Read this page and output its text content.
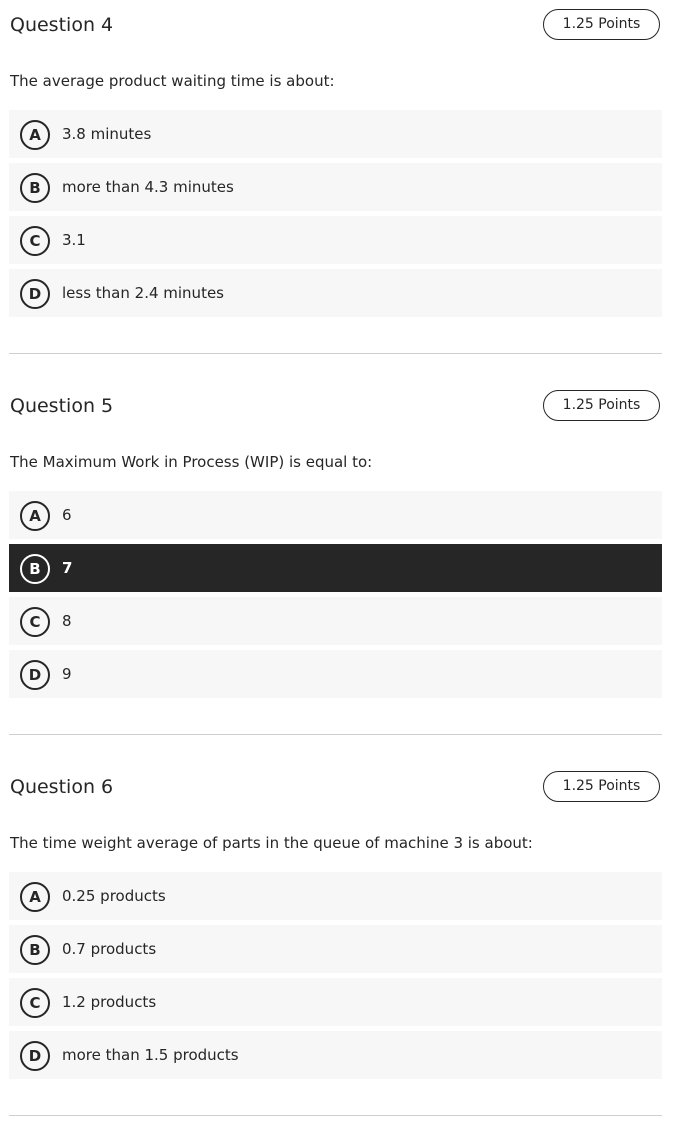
Question 4	1.25 Points
The average product waiting time is about:
A	3.8 minutes
B	more than 4.3 minutes
C	3.1
D	less than 2.4 minutes
Question 5	1.25 Points
The Maximum Work in Process (WIP) is equal to:
A	6
B	7
C	8
D	9
Question 6	1.25 Points
The time weight average of parts in the queue of machine 3 is about:
A	0.25 products
B	0.7 products
C	1.2 products
D	more than 1.5 products
